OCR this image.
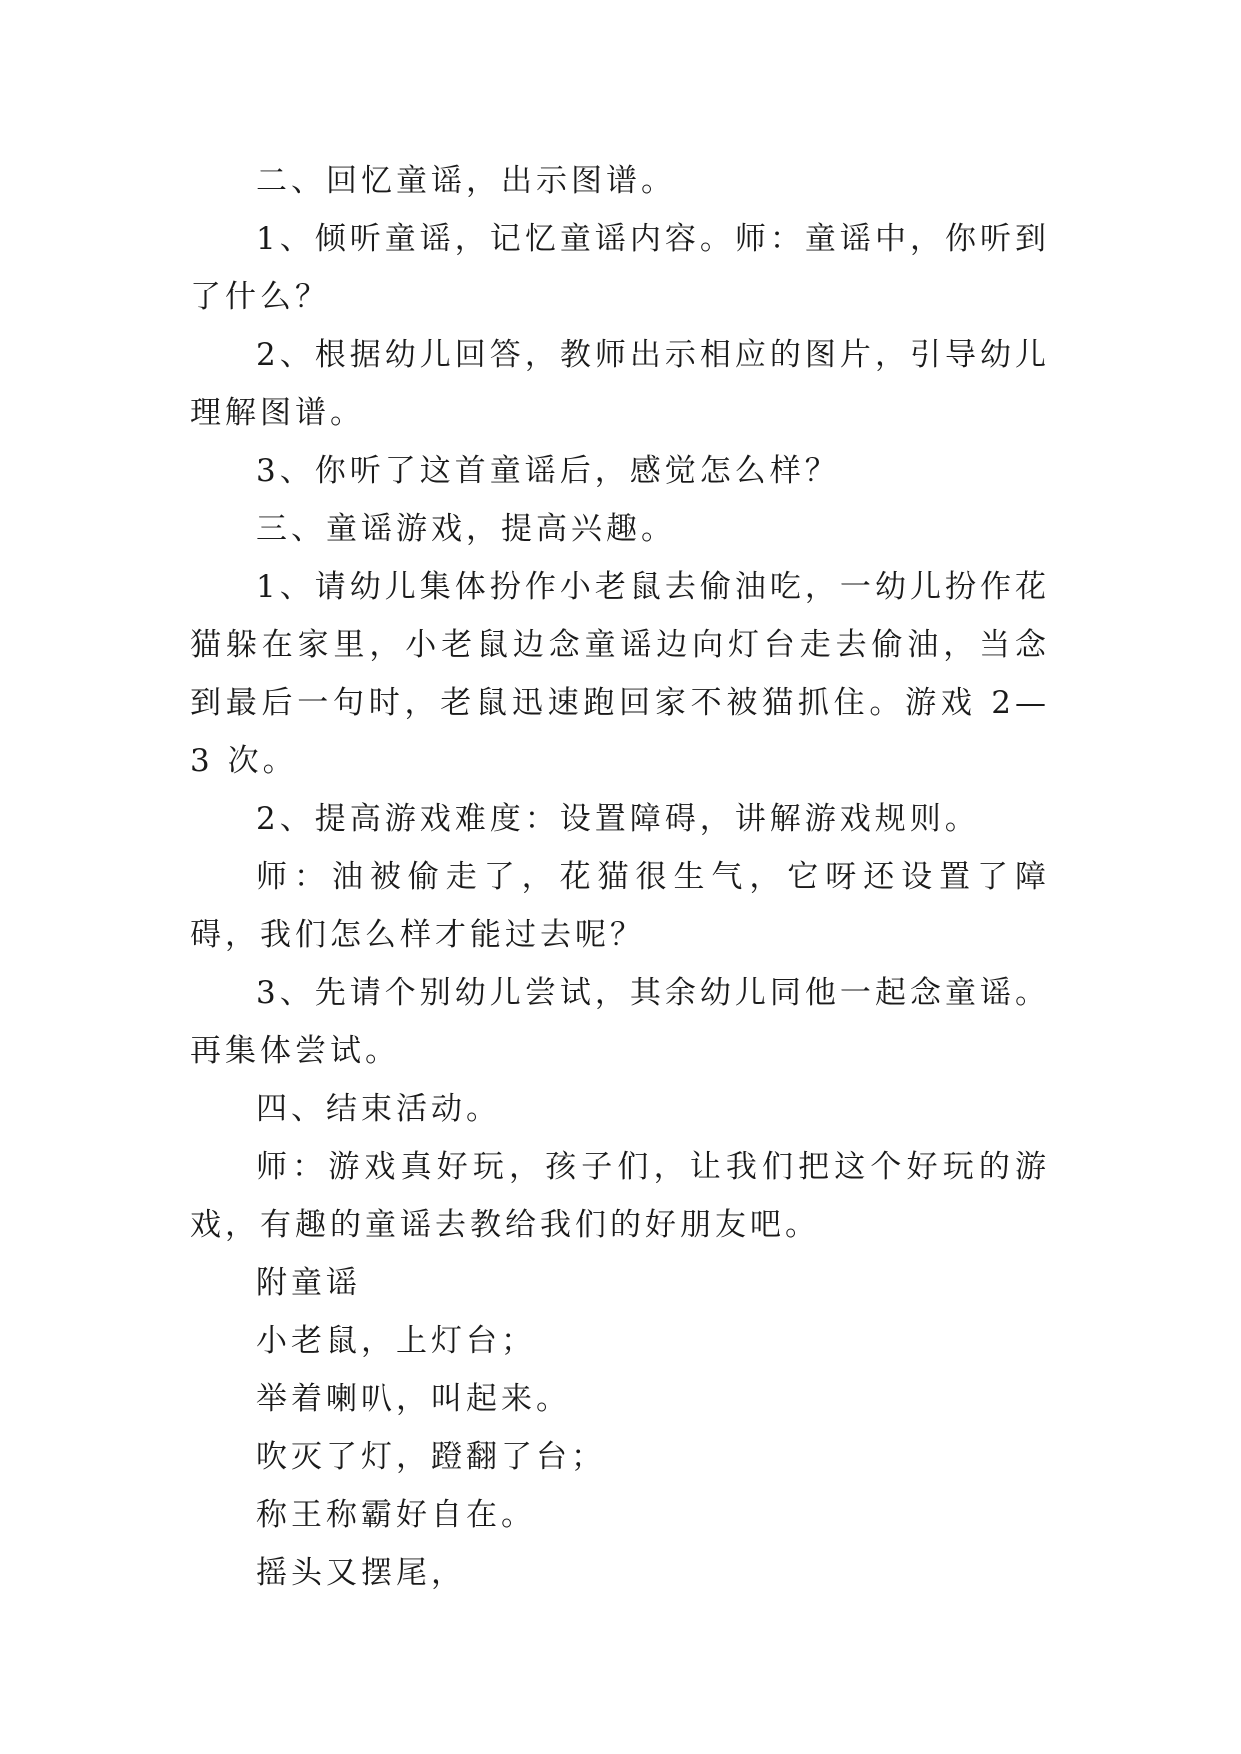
二、回忆童谣，出示图谱。

1、倾听童谣，记忆童谣内容。师：童谣中，你听到了什么？

2、根据幼儿回答，教师出示相应的图片，引导幼儿理解图谱。

3、你听了这首童谣后，感觉怎么样？

三、童谣游戏，提高兴趣。

1、请幼儿集体扮作小老鼠去偷油吃，一幼儿扮作花猫躲在家里，小老鼠边念童谣边向灯台走去偷油，当念到最后一句时，老鼠迅速跑回家不被猫抓住。游戏 2—3 次。

2、提高游戏难度：设置障碍，讲解游戏规则。

师：油被偷走了，花猫很生气，它呀还设置了障碍，我们怎么样才能过去呢？

3、先请个别幼儿尝试，其余幼儿同他一起念童谣。再集体尝试。

四、结束活动。

师：游戏真好玩，孩子们，让我们把这个好玩的游戏，有趣的童谣去教给我们的好朋友吧。

附童谣

小老鼠，上灯台；

举着喇叭，叫起来。

吹灭了灯，蹬翻了台；

称王称霸好自在。

摇头又摆尾，
